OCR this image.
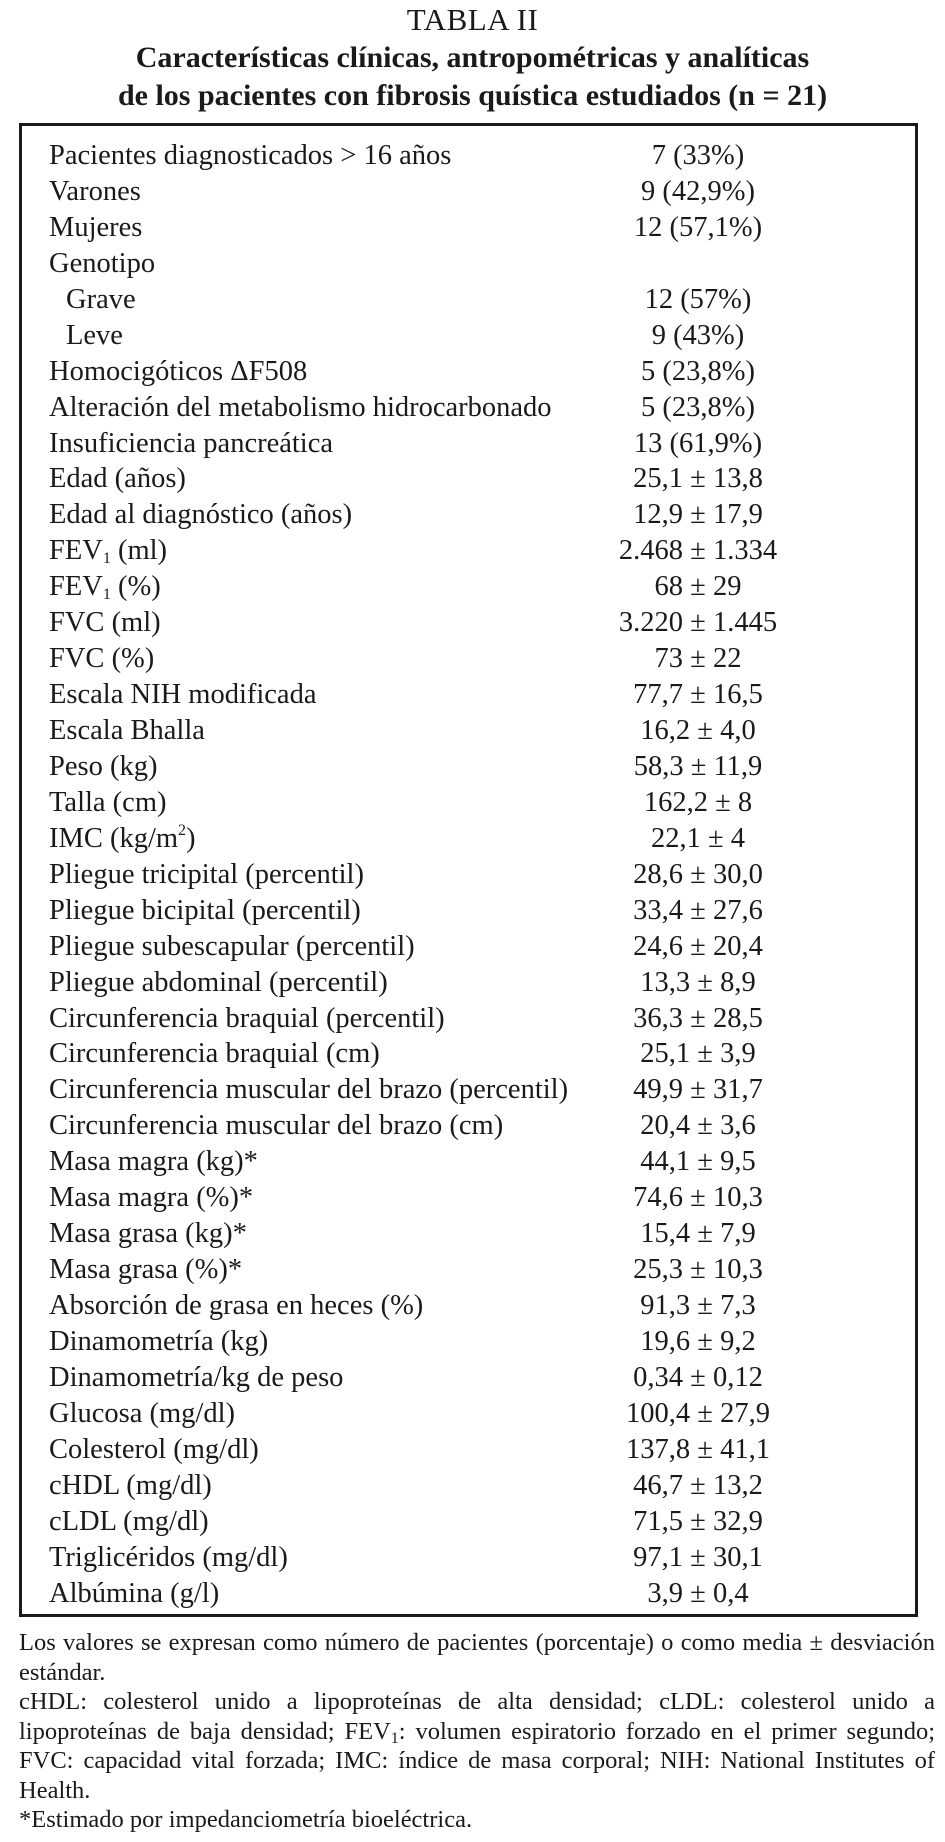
TABLA II
Características clínicas, antropométricas y analíticas
de los pacientes con fibrosis quística estudiados (n = 21)
Pacientes diagnosticados > 16 años	7 (33%)
Varones	9 (42,9%)
Mujeres	12 (57,1%)
Genotipo
Grave	12 (57%)
Leve	9 (43%)
Homocigóticos ΔF508	5 (23,8%)
Alteración del metabolismo hidrocarbonado	5 (23,8%)
Insuficiencia pancreática	13 (61,9%)
Edad (años)	25,1 ± 13,8
Edad al diagnóstico (años)	12,9 ± 17,9
$FEV_1$ (ml)	2.468 ± 1.334
$FEV_1$ (%)	68 ± 29
FVC (ml)	3.220 ± 1.445
FVC (%)	73 ± 22
Escala NIH modificada	77,7 ± 16,5
Escala Bhalla	16,2 ± 4,0
Peso (kg)	58,3 ± 11,9
Talla (cm)	162,2 ± 8
IMC $(kg/m^2)$	22,1 ± 4
Pliegue tricipital (percentil)	28,6 ± 30,0
Pliegue bicipital (percentil)	33,4 ± 27,6
Pliegue subescapular (percentil)	24,6 ± 20,4
Pliegue abdominal (percentil)	13,3 ± 8,9
Circunferencia braquial (percentil)	36,3 ± 28,5
Circunferencia braquial (cm)	25,1 ± 3,9
Circunferencia muscular del brazo (percentil)	49,9 ± 31,7
Circunferencia muscular del brazo (cm)	20,4 ± 3,6
Masa magra (kg)*	44,1 ± 9,5
Masa magra (%)*	74,6 ± 10,3
Masa grasa (kg)*	15,4 ± 7,9
Masa grasa (%)*	25,3 ± 10,3
Absorción de grasa en heces (%)	91,3 ± 7,3
Dinamometría (kg)	19,6 ± 9,2
Dinamometría/kg de peso	0,34 ± 0,12
Glucosa (mg/dl)	100,4 ± 27,9
Colesterol (mg/dl)	137,8 ± 41,1
cHDL (mg/dl)	46,7 ± 13,2
cLDL (mg/dl)	71,5 ± 32,9
Triglicéridos (mg/dl)	97,1 ± 30,1
Albúmina (g/l)	3,9 ± 0,4

Los valores se expresan como número de pacientes (porcentaje) o como media ± desviación estándar.

cHDL: colesterol unido a lipoproteínas de alta densidad; cLDL: colesterol unido a lipoproteínas de baja densidad; $FEV_1$: volumen espiratorio forzado en el primer segundo; FVC: capacidad vital forzada; IMC: índice de masa corporal; NIH: National Institutes of Health.

*Estimado por impedanciometría bioeléctrica.
